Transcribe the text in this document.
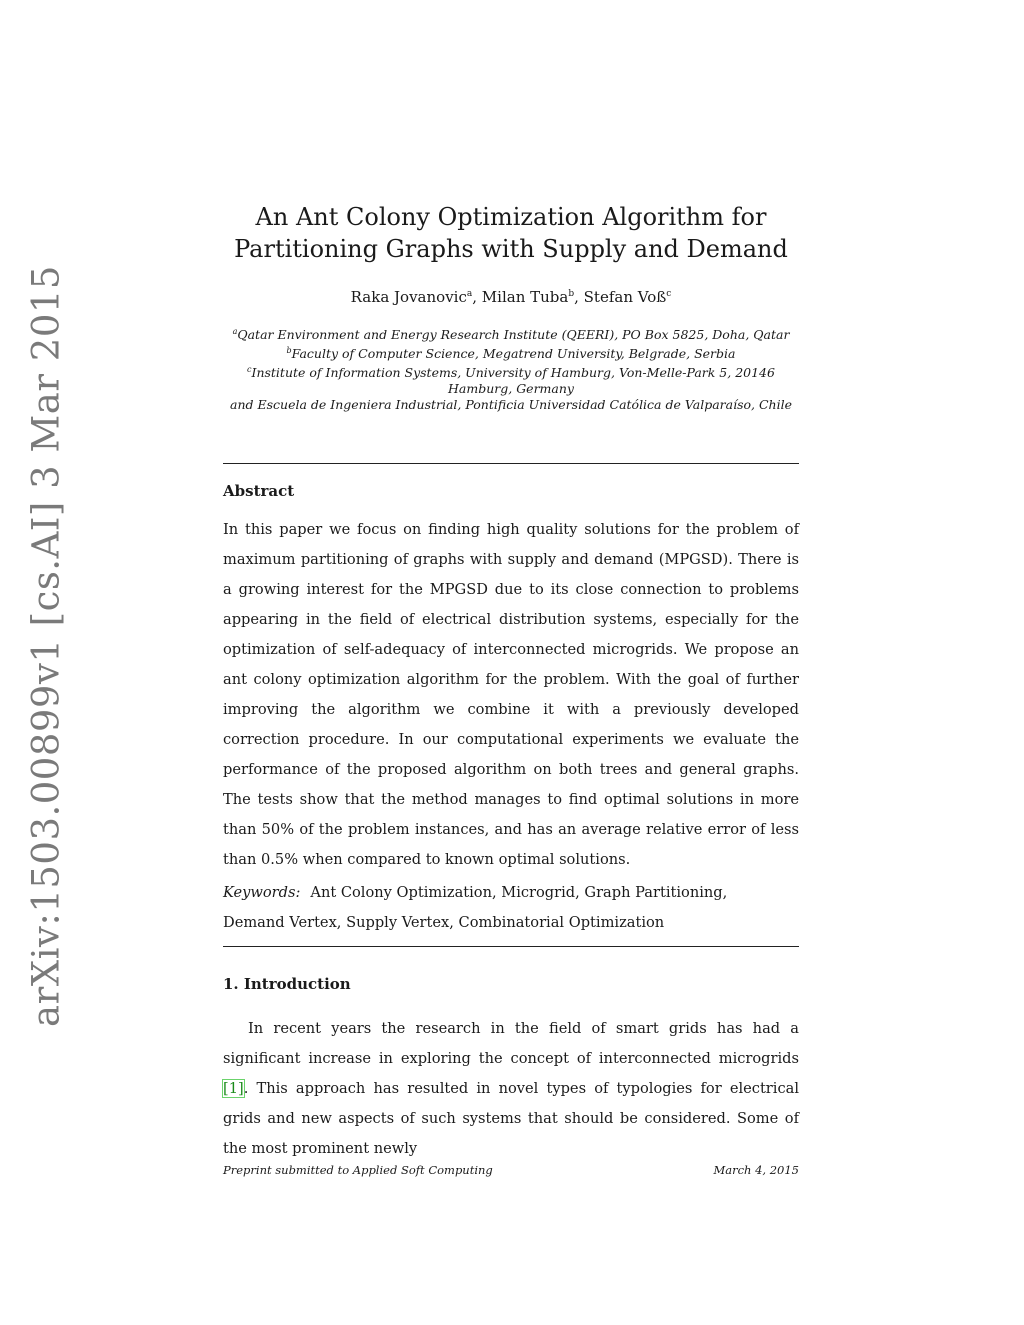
arXiv:1503.00899v1 [cs.AI] 3 Mar 2015
An Ant Colony Optimization Algorithm for
Partitioning Graphs with Supply and Demand

Raka Jovanovic$^a$, Milan Tuba$^b$, Stefan Voß$^c$

$^a$Qatar Environment and Energy Research Institute (QEERI), PO Box 5825, Doha, Qatar

$^b$Faculty of Computer Science, Megatrend University, Belgrade, Serbia

$^c$Institute of Information Systems, University of Hamburg, Von-Melle-Park 5, 20146

Hamburg, Germany

and Escuela de Ingeniera Industrial, Pontificia Universidad Católica de Valparaíso, Chile

Abstract

In this paper we focus on finding high quality solutions for the problem of maximum partitioning of graphs with supply and demand (MPGSD). There is a growing interest for the MPGSD due to its close connection to problems appearing in the field of electrical distribution systems, especially for the optimization of self-adequacy of interconnected microgrids. We propose an ant colony optimization algorithm for the problem. With the goal of further improving the algorithm we combine it with a previously developed correction procedure. In our computational experiments we evaluate the performance of the proposed algorithm on both trees and general graphs. The tests show that the method manages to find optimal solutions in more than 50% of the problem instances, and has an average relative error of less than 0.5% when compared to known optimal solutions.

Keywords: Ant Colony Optimization, Microgrid, Graph Partitioning,
Demand Vertex, Supply Vertex, Combinatorial Optimization
1. Introduction

In recent years the research in the field of smart grids has had a significant increase in exploring the concept of interconnected microgrids [1]. This approach has resulted in novel types of typologies for electrical grids and new aspects of such systems that should be considered. Some of the most prominent newly

Preprint submitted to Applied Soft Computing	March 4, 2015
